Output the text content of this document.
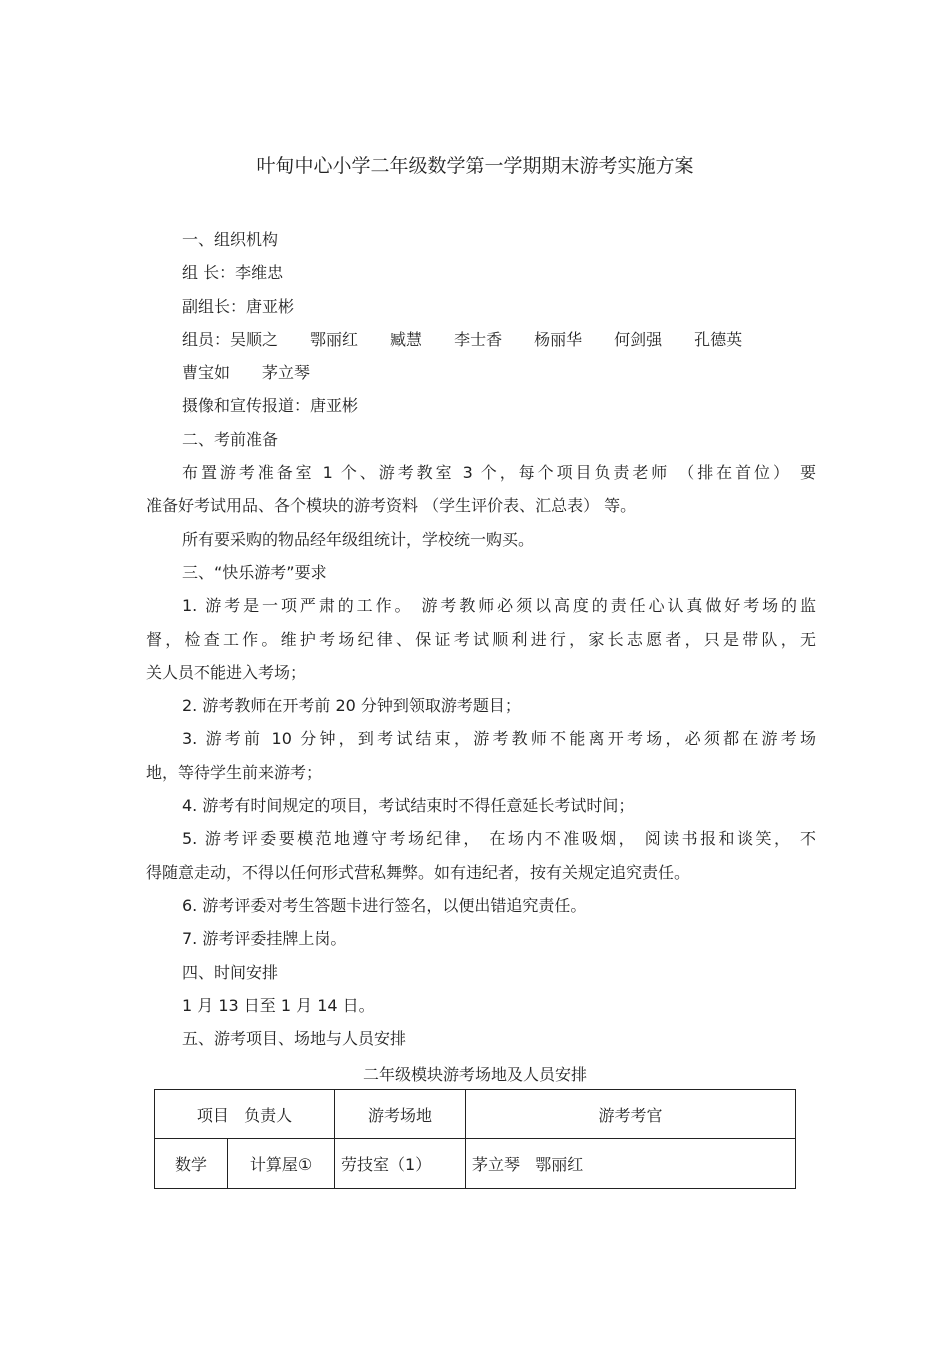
叶甸中心小学二年级数学第一学期期末游考实施方案

一、组织机构

组 长：李维忠

副组长：唐亚彬

组员：吴顺之 鄂丽红 臧慧 李士香 杨丽华 何剑强 孔德英

曹宝如 茅立琴

摄像和宣传报道：唐亚彬

二、考前准备

布置游考准备室 1 个、游考教室 3 个，每个项目负责老师 （排在首位） 要

准备好考试用品、各个模块的游考资料 （学生评价表、汇总表） 等。

所有要采购的物品经年级组统计，学校统一购买。

三、“快乐游考”要求

1. 游考是一项严肃的工作。 游考教师必须以高度的责任心认真做好考场的监

督，检查工作。维护考场纪律、保证考试顺利进行，家长志愿者，只是带队，无

关人员不能进入考场；

2. 游考教师在开考前 20 分钟到领取游考题目；

3. 游考前 10 分钟，到考试结束，游考教师不能离开考场，必须都在游考场

地，等待学生前来游考；

4. 游考有时间规定的项目，考试结束时不得任意延长考试时间；

5. 游考评委要模范地遵守考场纪律， 在场内不准吸烟， 阅读书报和谈笑， 不

得随意走动，不得以任何形式营私舞弊。如有违纪者，按有关规定追究责任。

6. 游考评委对考生答题卡进行签名，以便出错追究责任。

7. 游考评委挂牌上岗。

四、时间安排

1 月 13 日至 1 月 14 日。

五、游考项目、场地与人员安排

二年级模块游考场地及人员安排
项目   负责人		游考场地	游考考官
数学	计算屋①	劳技室（1）	茅立琴   鄂丽红
